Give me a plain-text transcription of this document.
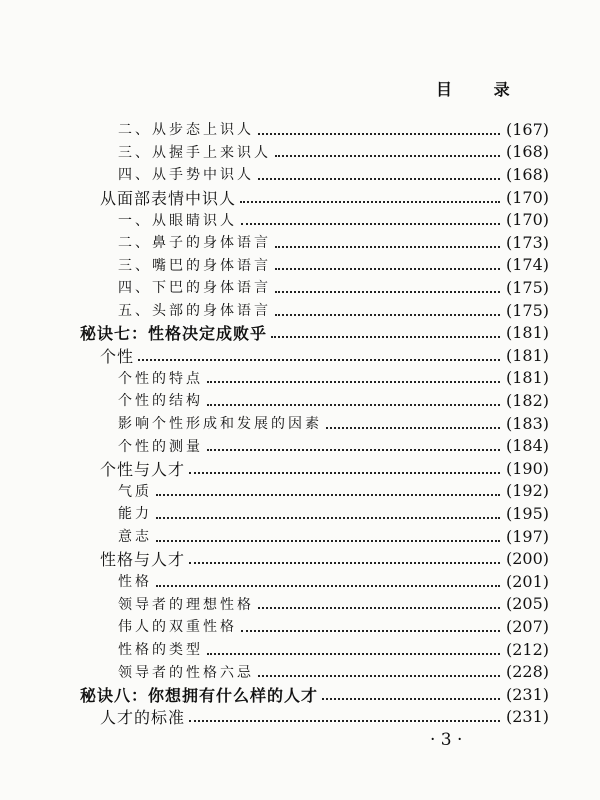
目 录
二、从步态上识人	(167)
三、从握手上来识人	(168)
四、从手势中识人	(168)
从面部表情中识人	(170)
一、从眼睛识人	(170)
二、鼻子的身体语言	(173)
三、嘴巴的身体语言	(174)
四、下巴的身体语言	(175)
五、头部的身体语言	(175)
秘诀七：性格决定成败乎	(181)
个性	(181)
个性的特点	(181)
个性的结构	(182)
影响个性形成和发展的因素	(183)
个性的测量	(184)
个性与人才	(190)
气质	(192)
能力	(195)
意志	(197)
性格与人才	(200)
性格	(201)
领导者的理想性格	(205)
伟人的双重性格	(207)
性格的类型	(212)
领导者的性格六忌	(228)
秘诀八：你想拥有什么样的人才	(231)
人才的标准	(231)
· 3 ·
